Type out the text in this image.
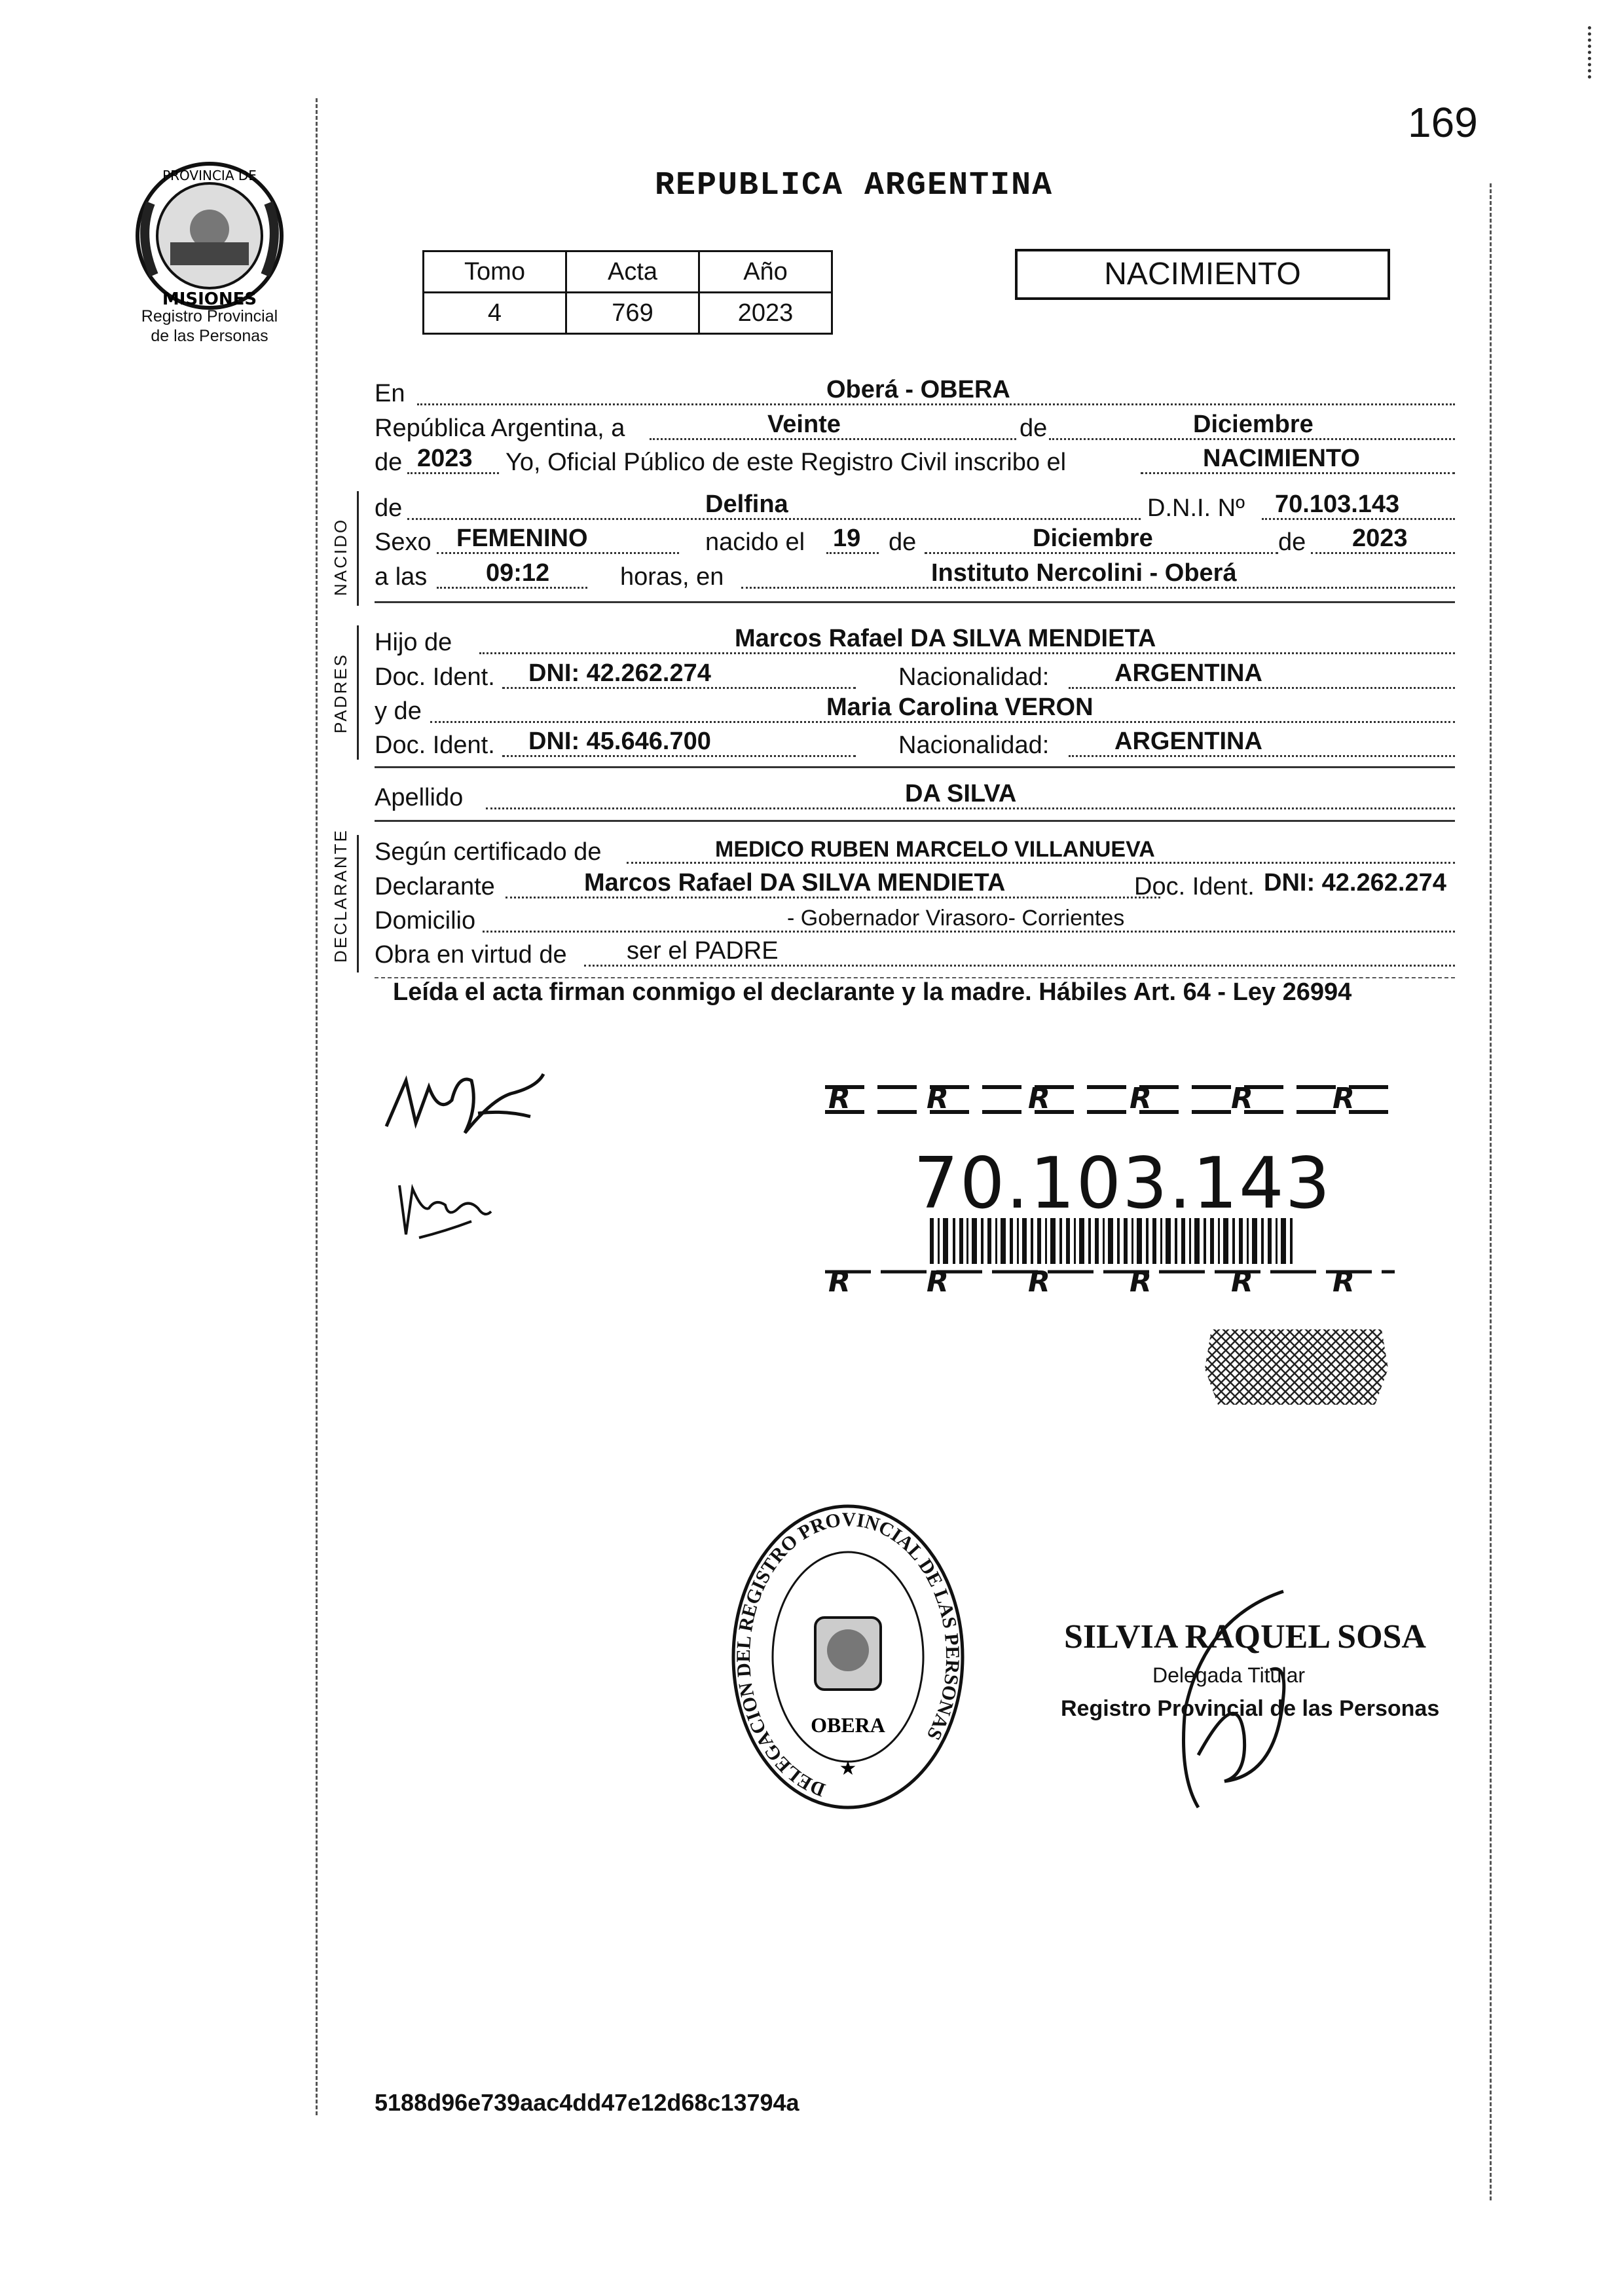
169
REPUBLICA ARGENTINA
PROVINCIA DE
MISIONES
Registro Provincial
de las Personas
Tomo	Acta	Año
4	769	2023
NACIMIENTO
En	Oberá - OBERA
República Argentina, a	Veinte	de	Diciembre
de 2023 Yo, Oficial Público de este Registro Civil inscribo el	NACIMIENTO
NACIDO
de	Delfina	D.N.I. Nº 70.103.143
Sexo FEMENINO	nacido el 19 de	Diciembre	de 2023
a las 09:12	horas, en	Instituto Nercolini - Oberá
PADRES
Hijo de	Marcos Rafael DA SILVA MENDIETA
Doc. Ident. DNI: 42.262.274	Nacionalidad:	ARGENTINA
y de	Maria Carolina VERON
Doc. Ident. DNI: 45.646.700	Nacionalidad:	ARGENTINA
Apellido	DA SILVA
DECLARANTE Según certificado de	MEDICO RUBEN MARCELO VILLANUEVA
Declarante	Marcos Rafael DA SILVA MENDIETA	Doc. Ident. DNI: 42.262.274
Domicilio	- Gobernador Virasoro- Corrientes
Obra en virtud de ser el PADRE
Leída el acta firman conmigo el declarante y la madre. Hábiles Art. 64 - Ley 26994
R	R	R	R	R	R
R	R	R	R	R	R
70.103.143
DELEGACION DEL REGISTRO PROVINCIAL DE LAS PERSONAS
OBERA
★
SILVIA RAQUEL SOSA
Delegada Titular
Registro Provincial de las Personas
5188d96e739aac4dd47e12d68c13794a
